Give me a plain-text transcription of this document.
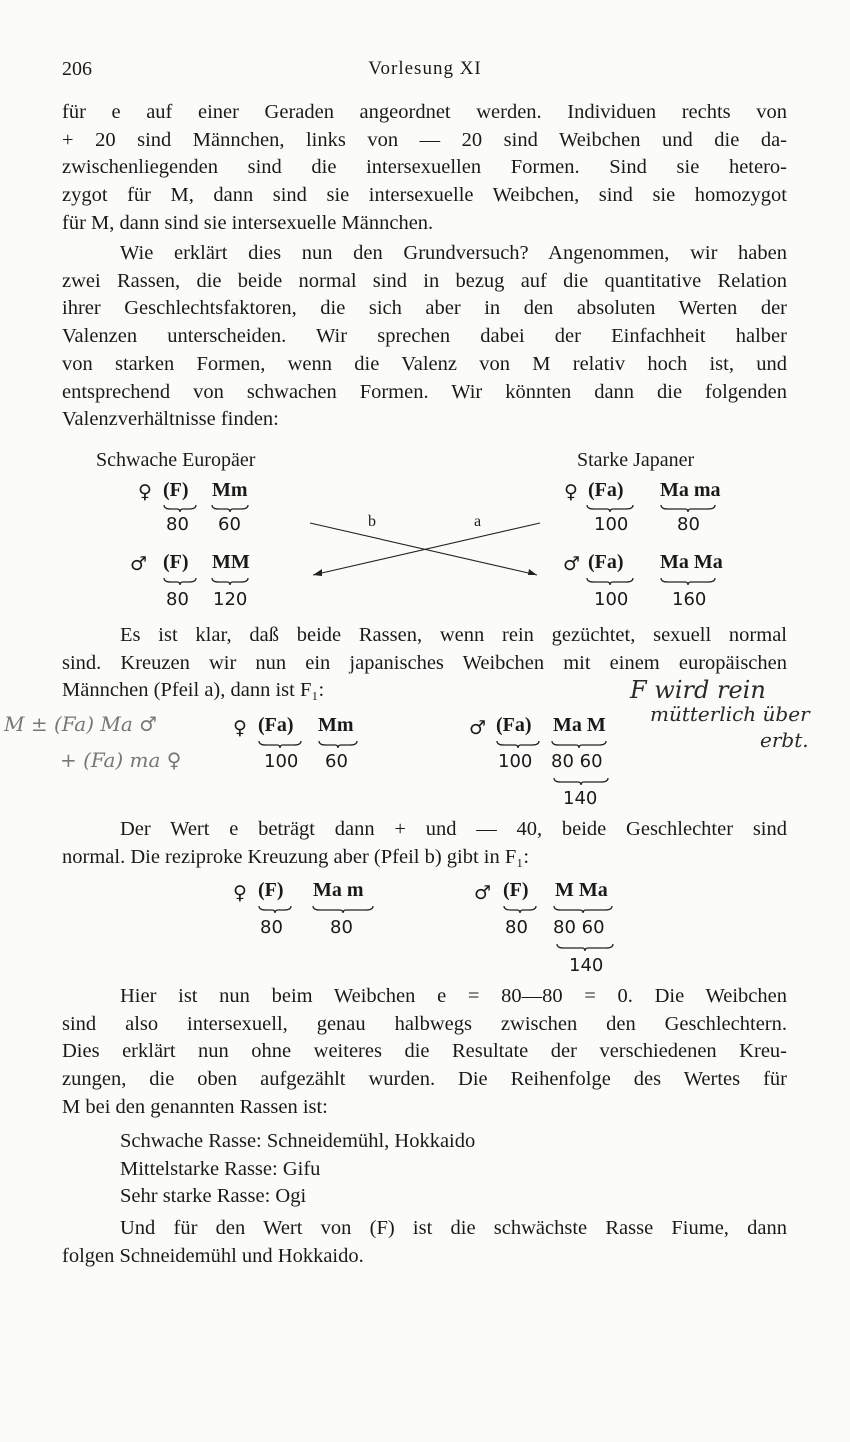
206	Vorlesung XI
für e auf einer Geraden angeordnet werden. Individuen rechts von
+ 20 sind Männchen, links von — 20 sind Weibchen und die da-
zwischenliegenden sind die intersexuellen Formen. Sind sie hetero-
zygot für M, dann sind sie intersexuelle Weibchen, sind sie homozygot
für M, dann sind sie intersexuelle Männchen.
Wie erklärt dies nun den Grundversuch? Angenommen, wir haben
zwei Rassen, die beide normal sind in bezug auf die quantitative Relation
ihrer Geschlechtsfaktoren, die sich aber in den absoluten Werten der
Valenzen unterscheiden. Wir sprechen dabei der Einfachheit halber
von starken Formen, wenn die Valenz von M relativ hoch ist, und
entsprechend von schwachen Formen. Wir könnten dann die folgenden
Valenzverhältnisse finden:
Schwache Europäer	Starke Japaner
♀ (F) Mm
80 60
♂ (F) MM
80 120
b	a
♀ (Fa) Ma ma
100	80
♂ (Fa) Ma Ma
100 160
Es ist klar, daß beide Rassen, wenn rein gezüchtet, sexuell normal
sind. Kreuzen wir nun ein japanisches Weibchen mit einem europäischen
Männchen (Pfeil a), dann ist F₁:	F wird rein
mütterlich über
erbt.
M ± (Fa) Ma ♂
+ (Fa) ma ♀
♀ (Fa) Mm
100 60
♂ (Fa) Ma M
100 80 60
140
Der Wert e beträgt dann + und — 40, beide Geschlechter sind
normal. Die reziproke Kreuzung aber (Pfeil b) gibt in F₁:
♀ (F) Ma m
80	80
♂ (F) M Ma
80 80 60
140
Hier ist nun beim Weibchen e = 80—80 = 0. Die Weibchen
sind also intersexuell, genau halbwegs zwischen den Geschlechtern.
Dies erklärt nun ohne weiteres die Resultate der verschiedenen Kreu-
zungen, die oben aufgezählt wurden. Die Reihenfolge des Wertes für
M bei den genannten Rassen ist:
Schwache Rasse: Schneidemühl, Hokkaido
Mittelstarke Rasse: Gifu
Sehr starke Rasse: Ogi
Und für den Wert von (F) ist die schwächste Rasse Fiume, dann
folgen Schneidemühl und Hokkaido.
